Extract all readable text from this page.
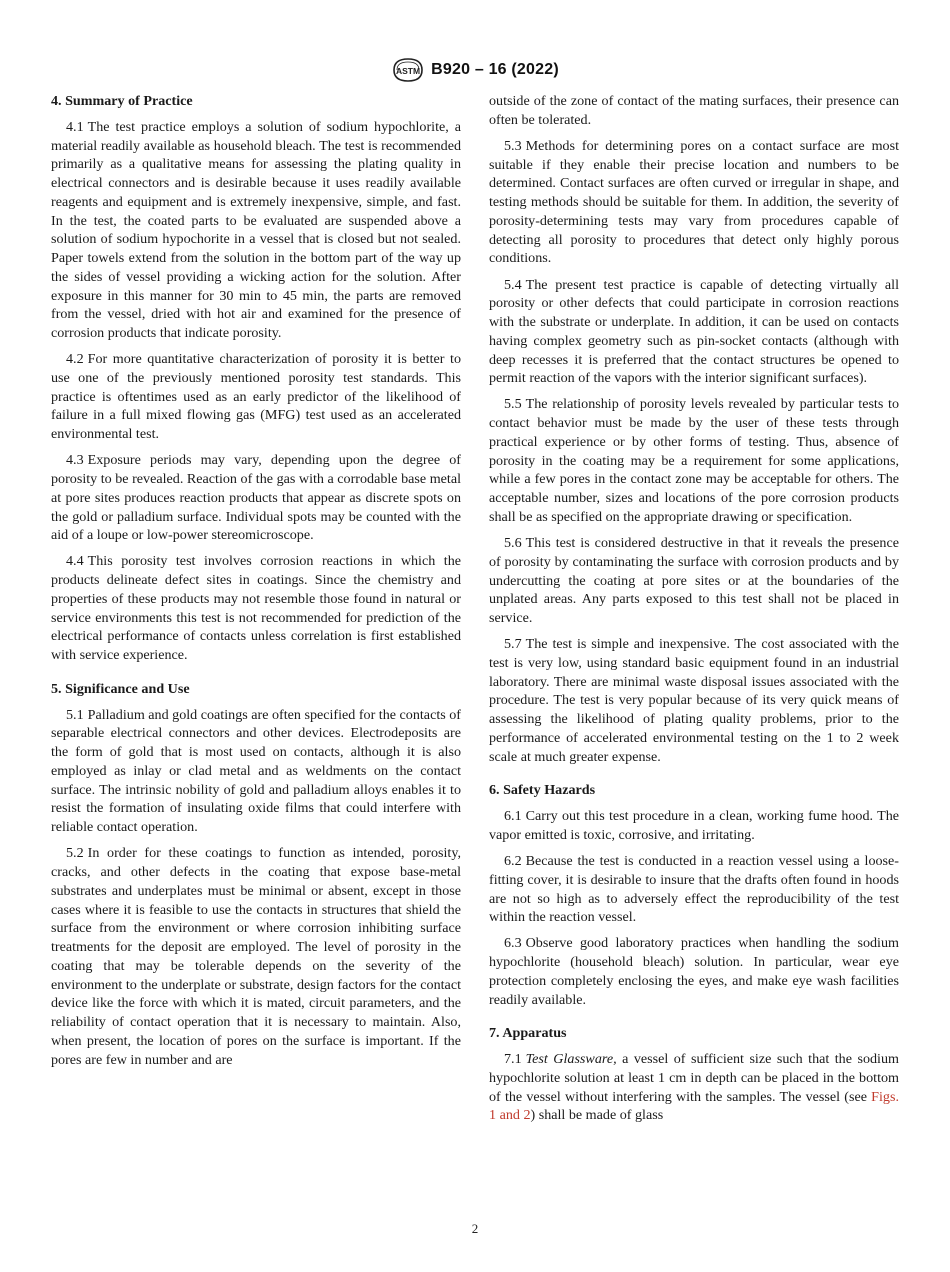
ASTM B920 – 16 (2022)
4. Summary of Practice

4.1 The test practice employs a solution of sodium hypochlorite, a material readily available as household bleach. The test is recommended primarily as a qualitative means for assessing the plating quality in electrical connectors and is desirable because it uses readily available reagents and equipment and is extremely inexpensive, simple, and fast. In the test, the coated parts to be evaluated are suspended above a solution of sodium hypochorite in a vessel that is closed but not sealed. Paper towels extend from the solution in the bottom part of the way up the sides of vessel providing a wicking action for the solution. After exposure in this manner for 30 min to 45 min, the parts are removed from the vessel, dried with hot air and examined for the presence of corrosion products that indicate porosity.

4.2 For more quantitative characterization of porosity it is better to use one of the previously mentioned porosity test standards. This practice is oftentimes used as an early predictor of the likelihood of failure in a full mixed flowing gas (MFG) test used as an accelerated environmental test.

4.3 Exposure periods may vary, depending upon the degree of porosity to be revealed. Reaction of the gas with a corrodable base metal at pore sites produces reaction products that appear as discrete spots on the gold or palladium surface. Individual spots may be counted with the aid of a loupe or low-power stereomicroscope.

4.4 This porosity test involves corrosion reactions in which the products delineate defect sites in coatings. Since the chemistry and properties of these products may not resemble those found in natural or service environments this test is not recommended for prediction of the electrical performance of contacts unless correlation is first established with service experience.

5. Significance and Use

5.1 Palladium and gold coatings are often specified for the contacts of separable electrical connectors and other devices. Electrodeposits are the form of gold that is most used on contacts, although it is also employed as inlay or clad metal and as weldments on the contact surface. The intrinsic nobility of gold and palladium alloys enables it to resist the formation of insulating oxide films that could interfere with reliable contact operation.

5.2 In order for these coatings to function as intended, porosity, cracks, and other defects in the coating that expose base-metal substrates and underplates must be minimal or absent, except in those cases where it is feasible to use the contacts in structures that shield the surface from the environment or where corrosion inhibiting surface treatments for the deposit are employed. The level of porosity in the coating that may be tolerable depends on the severity of the environment to the underplate or substrate, design factors for the contact device like the force with which it is mated, circuit parameters, and the reliability of contact operation that it is necessary to maintain. Also, when present, the location of pores on the surface is important. If the pores are few in number and are

outside of the zone of contact of the mating surfaces, their presence can often be tolerated.

5.3 Methods for determining pores on a contact surface are most suitable if they enable their precise location and numbers to be determined. Contact surfaces are often curved or irregular in shape, and testing methods should be suitable for them. In addition, the severity of porosity-determining tests may vary from procedures capable of detecting all porosity to procedures that detect only highly porous conditions.

5.4 The present test practice is capable of detecting virtually all porosity or other defects that could participate in corrosion reactions with the substrate or underplate. In addition, it can be used on contacts having complex geometry such as pin-socket contacts (although with deep recesses it is preferred that the contact structures be opened to permit reaction of the vapors with the interior significant surfaces).

5.5 The relationship of porosity levels revealed by particular tests to contact behavior must be made by the user of these tests through practical experience or by other forms of testing. Thus, absence of porosity in the coating may be a requirement for some applications, while a few pores in the contact zone may be acceptable for others. The acceptable number, sizes and locations of the pore corrosion products shall be as specified on the appropriate drawing or specification.

5.6 This test is considered destructive in that it reveals the presence of porosity by contaminating the surface with corrosion products and by undercutting the coating at pore sites or at the boundaries of the unplated areas. Any parts exposed to this test shall not be placed in service.

5.7 The test is simple and inexpensive. The cost associated with the test is very low, using standard basic equipment found in an industrial laboratory. There are minimal waste disposal issues associated with the procedure. The test is very popular because of its very quick means of assessing the likelihood of plating quality problems, prior to the performance of accelerated environmental testing on the 1 to 2 week scale at much greater expense.

6. Safety Hazards

6.1 Carry out this test procedure in a clean, working fume hood. The vapor emitted is toxic, corrosive, and irritating.

6.2 Because the test is conducted in a reaction vessel using a loose-fitting cover, it is desirable to insure that the drafts often found in hoods are not so high as to adversely effect the reproducibility of the test within the reaction vessel.

6.3 Observe good laboratory practices when handling the sodium hypochlorite (household bleach) solution. In particular, wear eye protection completely enclosing the eyes, and make eye wash facilities readily available.

7. Apparatus

7.1 Test Glassware, a vessel of sufficient size such that the sodium hypochlorite solution at least 1 cm in depth can be placed in the bottom of the vessel without interfering with the samples. The vessel (see Figs. 1 and 2) shall be made of glass

2
